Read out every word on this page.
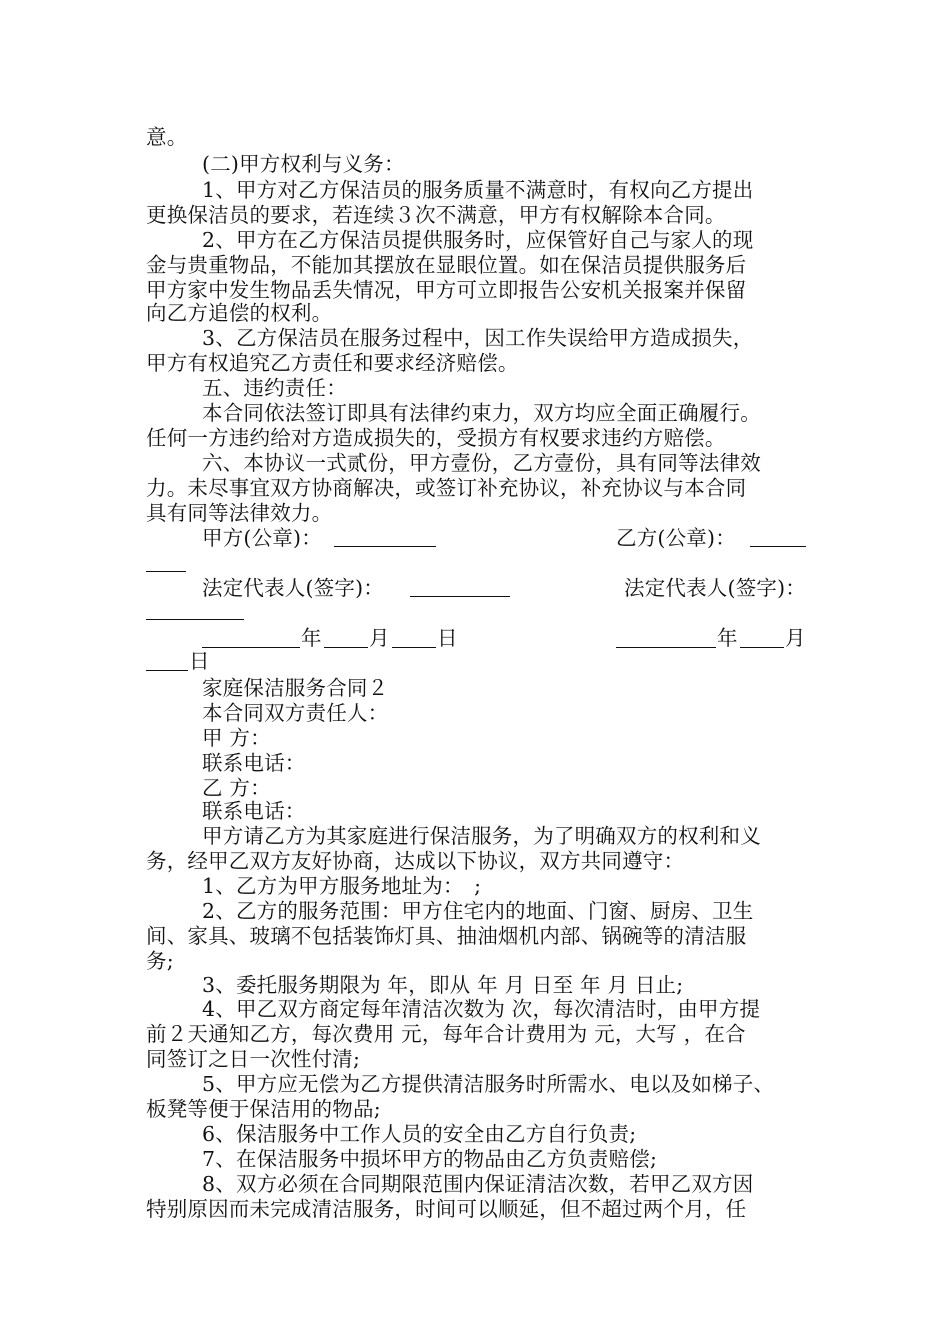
意。
(二)甲方权利与义务：
1、甲方对乙方保洁员的服务质量不满意时，有权向乙方提出
更换保洁员的要求，若连续３次不满意，甲方有权解除本合同。
2、甲方在乙方保洁员提供服务时，应保管好自己与家人的现
金与贵重物品，不能加其摆放在显眼位置。如在保洁员提供服务后
甲方家中发生物品丢失情况，甲方可立即报告公安机关报案并保留
向乙方追偿的权利。
3、乙方保洁员在服务过程中，因工作失误给甲方造成损失，
甲方有权追究乙方责任和要求经济赔偿。
五、违约责任：
本合同依法签订即具有法律约束力，双方均应全面正确履行。
任何一方违约给对方造成损失的，受损方有权要求违约方赔偿。
六、本协议一式贰份，甲方壹份，乙方壹份，具有同等法律效
力。未尽事宜双方协商解决，或签订补充协议，补充协议与本合同
具有同等法律效力。
甲方(公章)：	乙方(公章)：
法定代表人(签字)：	法定代表人(签字)：
年 月 日	年 月
日
家庭保洁服务合同２
本合同双方责任人：
甲 方：
联系电话：
乙 方：
联系电话：
甲方请乙方为其家庭进行保洁服务，为了明确双方的权利和义
务，经甲乙双方友好协商，达成以下协议，双方共同遵守：
1、乙方为甲方服务地址为：　;
2、乙方的服务范围：甲方住宅内的地面、门窗、厨房、卫生
间、家具、玻璃不包括装饰灯具、抽油烟机内部、锅碗等的清洁服
务;
3、委托服务期限为 年，即从 年 月 日至 年 月 日止;
4、甲乙双方商定每年清洁次数为 次，每次清洁时，由甲方提
前２天通知乙方，每次费用 元，每年合计费用为 元，大写 ，在合
同签订之日一次性付清;
5、甲方应无偿为乙方提供清洁服务时所需水、电以及如梯子、
板凳等便于保洁用的物品;
6、保洁服务中工作人员的安全由乙方自行负责;
7、在保洁服务中损坏甲方的物品由乙方负责赔偿;
8、双方必须在合同期限范围内保证清洁次数，若甲乙双方因
特别原因而未完成清洁服务，时间可以顺延，但不超过两个月，任
